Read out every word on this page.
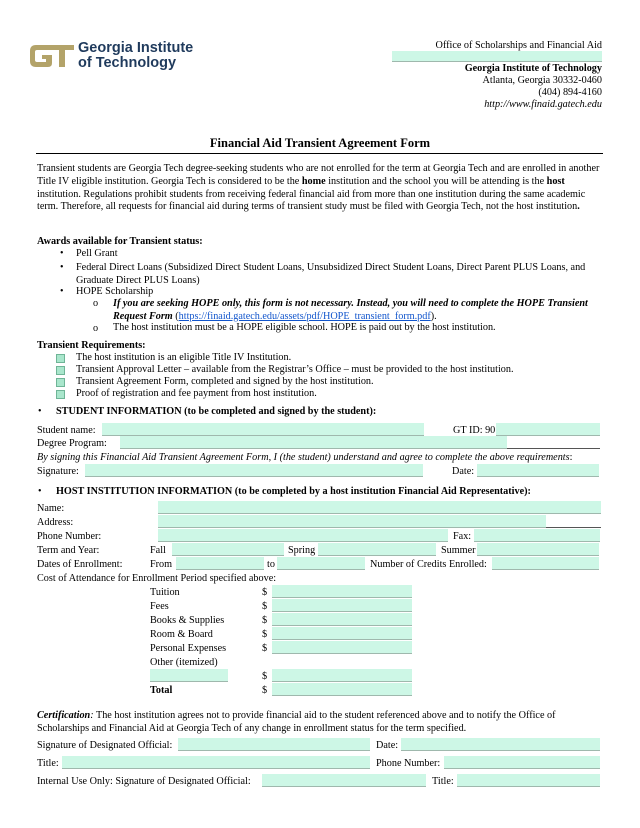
Georgia Institute
of Technology
Office of Scholarships and Financial Aid
Georgia Institute of Technology
Atlanta, Georgia 30332-0460
(404) 894-4160
http://www.finaid.gatech.edu
Financial Aid Transient Agreement Form
Transient students are Georgia Tech degree-seeking students who are not enrolled for the term at Georgia Tech and are enrolled in another Title IV eligible institution. Georgia Tech is considered to be the home institution and the school you will be attending is the host institution. Regulations prohibit students from receiving federal financial aid from more than one institution during the same academic term. Therefore, all requests for financial aid during terms of transient study must be filed with Georgia Tech, not the host institution.
Awards available for Transient status:
• Pell Grant
• Federal Direct Loans (Subsidized Direct Student Loans, Unsubsidized Direct Student Loans, Direct Parent PLUS Loans, and Graduate Direct PLUS Loans)
• HOPE Scholarship
o If you are seeking HOPE only, this form is not necessary. Instead, you will need to complete the HOPE Transient Request Form (https://finaid.gatech.edu/assets/pdf/HOPE_transient_form.pdf).
o The host institution must be a HOPE eligible school. HOPE is paid out by the host institution.
Transient Requirements:
The host institution is an eligible Title IV Institution.
Transient Approval Letter – available from the Registrar’s Office – must be provided to the host institution.
Transient Agreement Form, completed and signed by the host institution.
Proof of registration and fee payment from host institution.
• STUDENT INFORMATION (to be completed and signed by the student):
Student name:	GT ID: 90
Degree Program:
By signing this Financial Aid Transient Agreement Form, I (the student) understand and agree to complete the above requirements:
Signature:	Date:
• HOST INSTITUTION INFORMATION (to be completed by a host institution Financial Aid Representative):
Name:
Address:
Phone Number:	Fax:
Term and Year:	Fall	Spring	Summer
Dates of Enrollment:	From	to	Number of Credits Enrolled:
Cost of Attendance for Enrollment Period specified above:
Tuition	$
Fees	$
Books & Supplies	$
Room & Board	$
Personal Expenses	$
Other (itemized)
$
Total	$
Certification: The host institution agrees not to provide financial aid to the student referenced above and to notify the Office of Scholarships and Financial Aid at Georgia Tech of any change in enrollment status for the term specified.
Signature of Designated Official:	Date:
Title:	Phone Number:
Internal Use Only: Signature of Designated Official:	Title:
